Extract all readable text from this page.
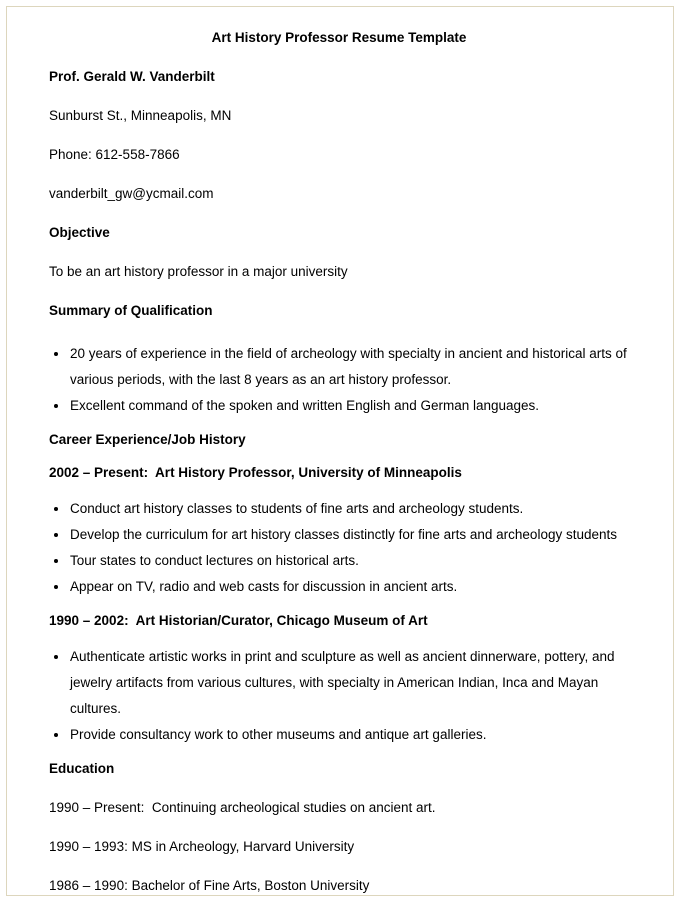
Art History Professor Resume Template

Prof. Gerald W. Vanderbilt

Sunburst St., Minneapolis, MN

Phone: 612-558-7866

vanderbilt_gw@ycmail.com

Objective

To be an art history professor in a major university

Summary of Qualification
• 20 years of experience in the field of archeology with specialty in ancient and historical arts of various periods, with the last 8 years as an art history professor.
• Excellent command of the spoken and written English and German languages.
Career Experience/Job History
2002 – Present:  Art History Professor, University of Minneapolis
• Conduct art history classes to students of fine arts and archeology students.
• Develop the curriculum for art history classes distinctly for fine arts and archeology students
• Tour states to conduct lectures on historical arts.
• Appear on TV, radio and web casts for discussion in ancient arts.
1990 – 2002:  Art Historian/Curator, Chicago Museum of Art
• Authenticate artistic works in print and sculpture as well as ancient dinnerware, pottery, and jewelry artifacts from various cultures, with specialty in American Indian, Inca and Mayan cultures.
• Provide consultancy work to other museums and antique art galleries.
Education

1990 – Present:  Continuing archeological studies on ancient art.

1990 – 1993: MS in Archeology, Harvard University

1986 – 1990: Bachelor of Fine Arts, Boston University
